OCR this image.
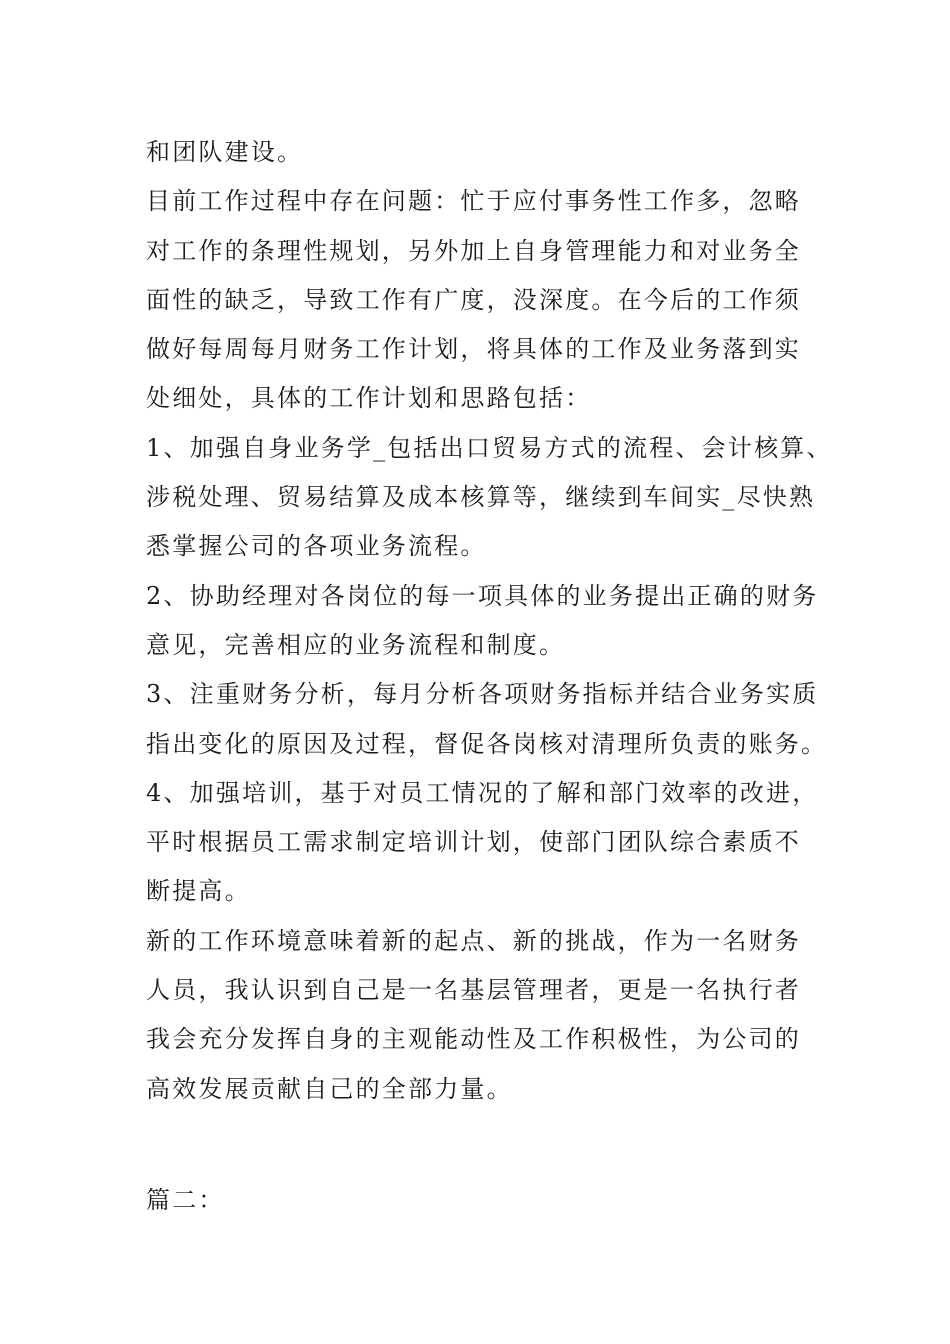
和团队建设。
目前工作过程中存在问题：忙于应付事务性工作多，忽略
对工作的条理性规划，另外加上自身管理能力和对业务全
面性的缺乏，导致工作有广度，没深度。在今后的工作须
做好每周每月财务工作计划，将具体的工作及业务落到实
处细处，具体的工作计划和思路包括：
1、加强自身业务学_包括出口贸易方式的流程、会计核算、
涉税处理、贸易结算及成本核算等，继续到车间实_尽快熟
悉掌握公司的各项业务流程。
2、协助经理对各岗位的每一项具体的业务提出正确的财务
意见，完善相应的业务流程和制度。
3、注重财务分析，每月分析各项财务指标并结合业务实质
指出变化的原因及过程，督促各岗核对清理所负责的账务。
4、加强培训，基于对员工情况的了解和部门效率的改进，
平时根据员工需求制定培训计划，使部门团队综合素质不
断提高。
新的工作环境意味着新的起点、新的挑战，作为一名财务
人员，我认识到自己是一名基层管理者，更是一名执行者
我会充分发挥自身的主观能动性及工作积极性，为公司的
高效发展贡献自己的全部力量。
篇二：
